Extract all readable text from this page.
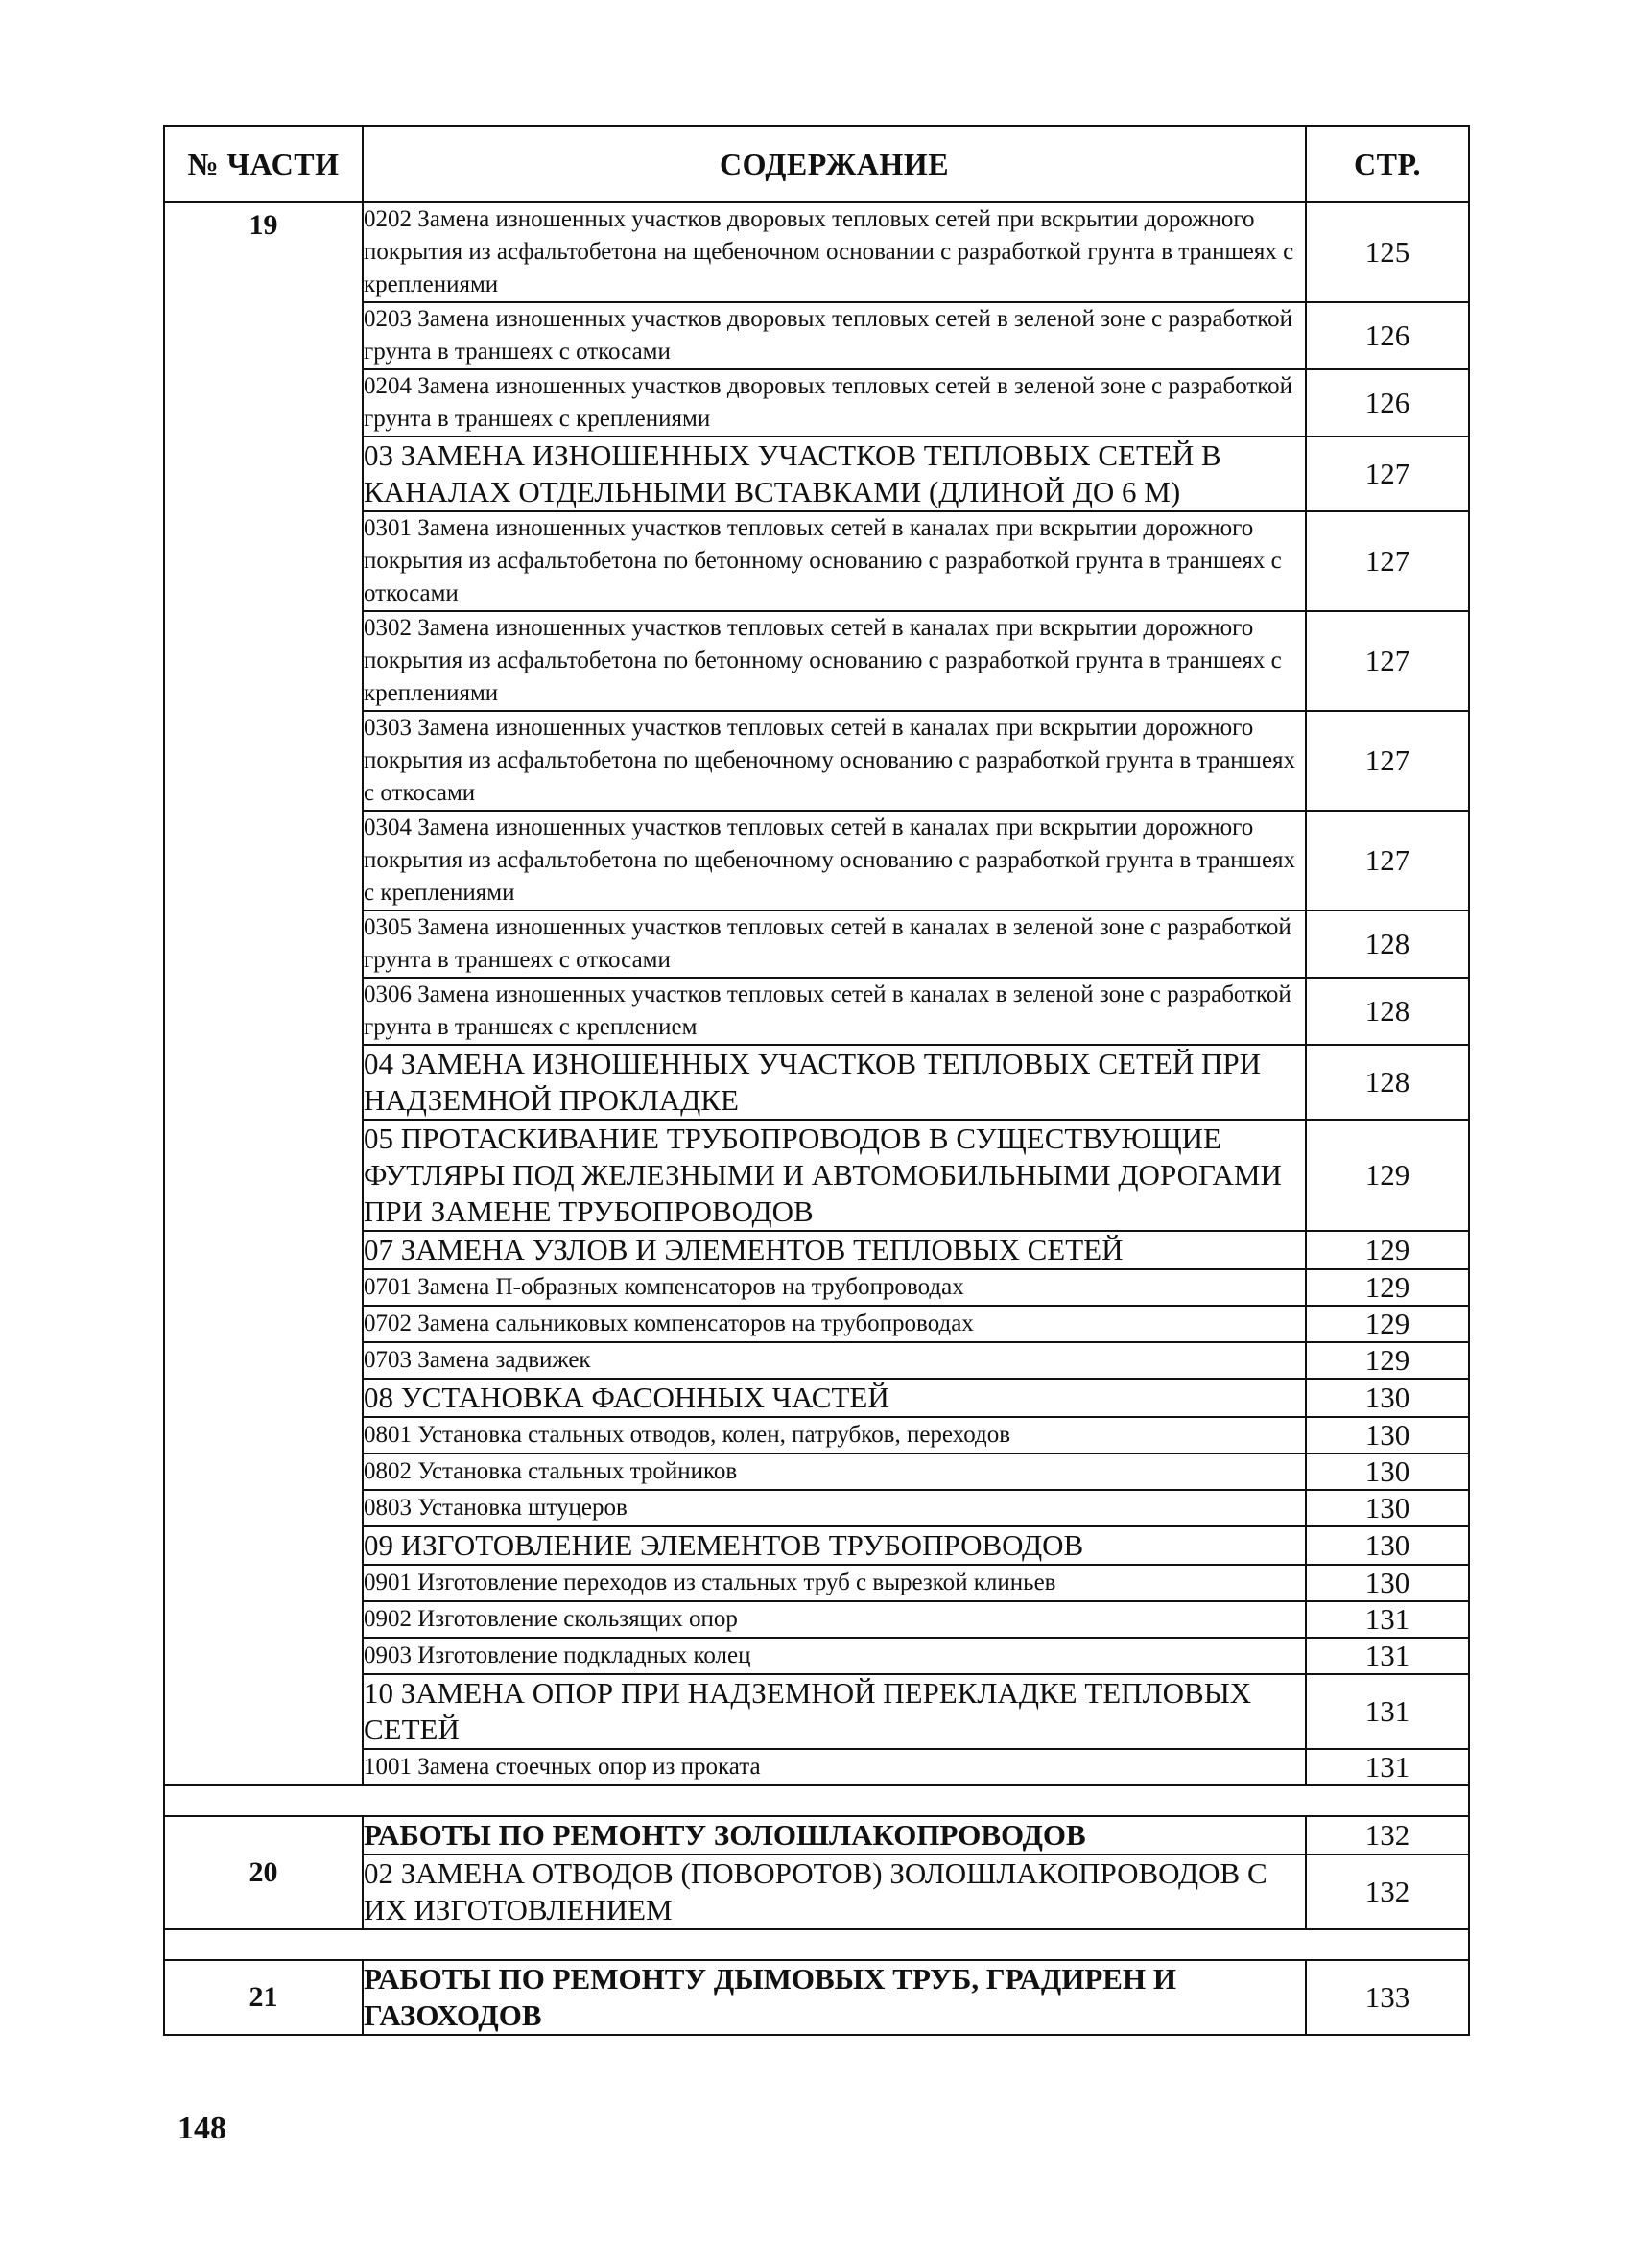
№ ЧАСТИ	СОДЕРЖАНИЕ	СТР.
19	0202 Замена изношенных участков дворовых тепловых сетей при вскрытии дорожного покрытия из асфальтобетона на щебеночном основании с разработкой грунта в траншеях с креплениями	125
	0203 Замена изношенных участков дворовых тепловых сетей в зеленой зоне с разработкой грунта в траншеях с откосами	126
	0204 Замена изношенных участков дворовых тепловых сетей в зеленой зоне с разработкой грунта в траншеях с креплениями	126
	03 ЗАМЕНА ИЗНОШЕННЫХ УЧАСТКОВ ТЕПЛОВЫХ СЕТЕЙ В КАНАЛАХ ОТДЕЛЬНЫМИ ВСТАВКАМИ (ДЛИНОЙ ДО 6 М)	127
	0301 Замена изношенных участков тепловых сетей в каналах при вскрытии дорожного покрытия из асфальтобетона по бетонному основанию с разработкой грунта в траншеях с откосами	127
	0302 Замена изношенных участков тепловых сетей в каналах при вскрытии дорожного покрытия из асфальтобетона по бетонному основанию с разработкой грунта в траншеях с креплениями	127
	0303 Замена изношенных участков тепловых сетей в каналах при вскрытии дорожного покрытия из асфальтобетона по щебеночному основанию с разработкой грунта в траншеях с откосами	127
	0304 Замена изношенных участков тепловых сетей в каналах при вскрытии дорожного покрытия из асфальтобетона по щебеночному основанию с разработкой грунта в траншеях с креплениями	127
	0305 Замена изношенных участков тепловых сетей в каналах в зеленой зоне с разработкой грунта в траншеях с откосами	128
	0306 Замена изношенных участков тепловых сетей в каналах в зеленой зоне с разработкой грунта в траншеях с креплением	128
	04 ЗАМЕНА ИЗНОШЕННЫХ УЧАСТКОВ ТЕПЛОВЫХ СЕТЕЙ ПРИ НАДЗЕМНОЙ ПРОКЛАДКЕ	128
	05 ПРОТАСКИВАНИЕ ТРУБОПРОВОДОВ В СУЩЕСТВУЮЩИЕ ФУТЛЯРЫ ПОД ЖЕЛЕЗНЫМИ И АВТОМОБИЛЬНЫМИ ДОРОГАМИ ПРИ ЗАМЕНЕ ТРУБОПРОВОДОВ	129
	07 ЗАМЕНА УЗЛОВ И ЭЛЕМЕНТОВ ТЕПЛОВЫХ СЕТЕЙ	129
	0701 Замена П-образных компенсаторов на трубопроводах	129
	0702 Замена сальниковых компенсаторов на трубопроводах	129
	0703 Замена задвижек	129
	08 УСТАНОВКА ФАСОННЫХ ЧАСТЕЙ	130
	0801 Установка стальных отводов, колен, патрубков, переходов	130
	0802 Установка стальных тройников	130
	0803 Установка штуцеров	130
	09 ИЗГОТОВЛЕНИЕ ЭЛЕМЕНТОВ ТРУБОПРОВОДОВ	130
	0901 Изготовление переходов из стальных труб с вырезкой клиньев	130
	0902 Изготовление скользящих опор	131
	0903 Изготовление подкладных колец	131
	10 ЗАМЕНА ОПОР ПРИ НАДЗЕМНОЙ ПЕРЕКЛАДКЕ ТЕПЛОВЫХ СЕТЕЙ	131
	1001 Замена стоечных опор из проката	131

20	РАБОТЫ ПО РЕМОНТУ ЗОЛОШЛАКОПРОВОДОВ	132
	02 ЗАМЕНА ОТВОДОВ (ПОВОРОТОВ) ЗОЛОШЛАКОПРОВОДОВ С ИХ ИЗГОТОВЛЕНИЕМ	132

21	РАБОТЫ ПО РЕМОНТУ ДЫМОВЫХ ТРУБ, ГРАДИРЕН И ГАЗОХОДОВ	133
148
